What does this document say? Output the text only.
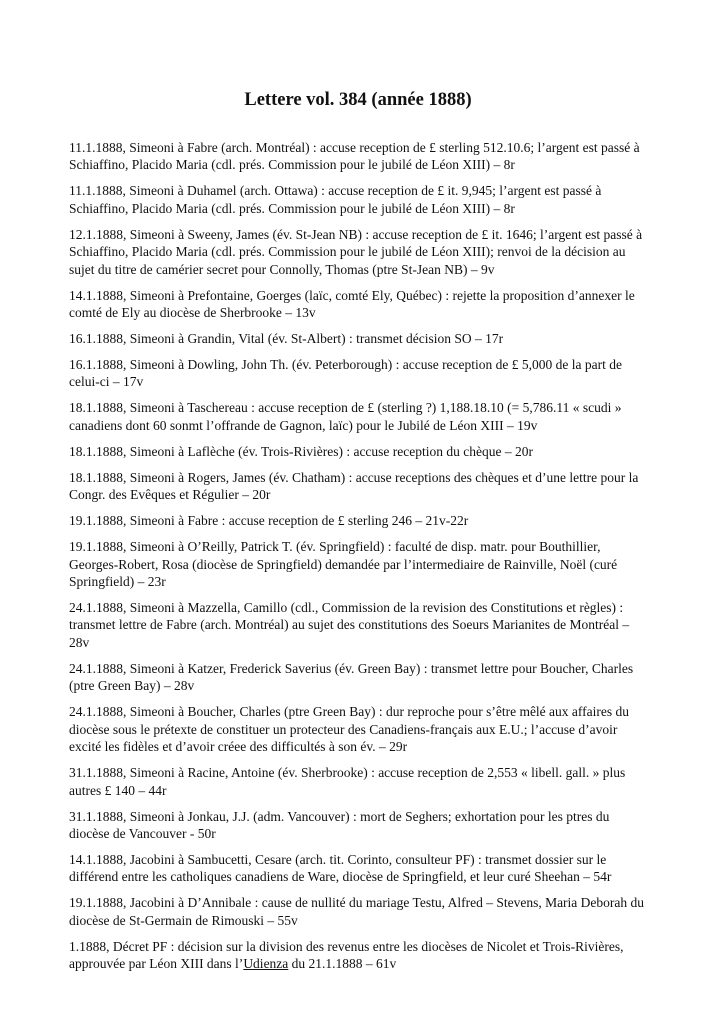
Lettere vol. 384 (année 1888)
11.1.1888, Simeoni à Fabre (arch. Montréal) : accuse reception de £ sterling 512.10.6; l’argent est passé à Schiaffino, Placido Maria (cdl. prés. Commission pour le jubilé de Léon XIII) – 8r
11.1.1888, Simeoni à Duhamel (arch. Ottawa) : accuse reception de £ it. 9,945; l’argent est passé à Schiaffino, Placido Maria (cdl. prés. Commission pour le jubilé de Léon XIII) – 8r
12.1.1888, Simeoni à Sweeny, James (év. St-Jean NB) : accuse reception de £ it. 1646; l’argent est passé à Schiaffino, Placido Maria (cdl. prés. Commission pour le jubilé de Léon XIII); renvoi de la décision au sujet du titre de camérier secret pour Connolly, Thomas (ptre St-Jean NB) – 9v
14.1.1888, Simeoni à Prefontaine, Goerges (laïc, comté Ely, Québec) : rejette la proposition d’annexer le comté de Ely au diocèse de Sherbrooke – 13v
16.1.1888, Simeoni à Grandin, Vital (év. St-Albert) : transmet décision SO – 17r
16.1.1888, Simeoni à Dowling, John Th. (év. Peterborough) : accuse reception de £ 5,000 de la part de celui-ci – 17v
18.1.1888, Simeoni à Taschereau : accuse reception de £ (sterling ?) 1,188.18.10 (= 5,786.11 « scudi » canadiens dont 60 sonmt l’offrande de Gagnon, laïc) pour le Jubilé de Léon XIII – 19v
18.1.1888, Simeoni à Laflèche (év. Trois-Rivières) : accuse reception du chèque – 20r
18.1.1888, Simeoni à Rogers, James (év. Chatham) : accuse receptions des chèques et d’une lettre pour la Congr. des Evêques et Régulier – 20r
19.1.1888, Simeoni à Fabre : accuse reception de £ sterling 246 – 21v-22r
19.1.1888, Simeoni à O’Reilly, Patrick T. (év. Springfield) : faculté de disp. matr. pour Bouthillier, Georges-Robert, Rosa (diocèse de Springfield) demandée par l’intermediaire de Rainville, Noël (curé Springfield) – 23r
24.1.1888, Simeoni à Mazzella, Camillo (cdl., Commission de la revision des Constitutions et règles) : transmet lettre de Fabre (arch. Montréal) au sujet des constitutions des Soeurs Marianites de Montréal – 28v
24.1.1888, Simeoni à Katzer, Frederick Saverius (év. Green Bay) : transmet lettre pour Boucher, Charles (ptre Green Bay) – 28v
24.1.1888, Simeoni à Boucher, Charles (ptre Green Bay) : dur reproche pour s’être mêlé aux affaires du diocèse sous le prétexte de constituer un protecteur des Canadiens-français aux E.U.; l’accuse d’avoir excité les fidèles et d’avoir créee des difficultés à son év. – 29r
31.1.1888, Simeoni à Racine, Antoine (év. Sherbrooke) : accuse reception de 2,553 « libell. gall. » plus autres £ 140 – 44r
31.1.1888, Simeoni à Jonkau, J.J. (adm. Vancouver) : mort de Seghers; exhortation pour les ptres du diocèse de Vancouver - 50r
14.1.1888, Jacobini à Sambucetti, Cesare (arch. tit. Corinto, consulteur PF) : transmet dossier sur le différend entre les catholiques canadiens de Ware, diocèse de Springfield, et leur curé Sheehan – 54r
19.1.1888, Jacobini à D’Annibale : cause de nullité du mariage Testu, Alfred – Stevens, Maria Deborah du diocèse de St-Germain de Rimouski – 55v
1.1888, Décret PF : décision sur la division des revenus entre les diocèses de Nicolet et Trois-Rivières, approuvée par Léon XIII dans l’Udienza du 21.1.1888 – 61v
